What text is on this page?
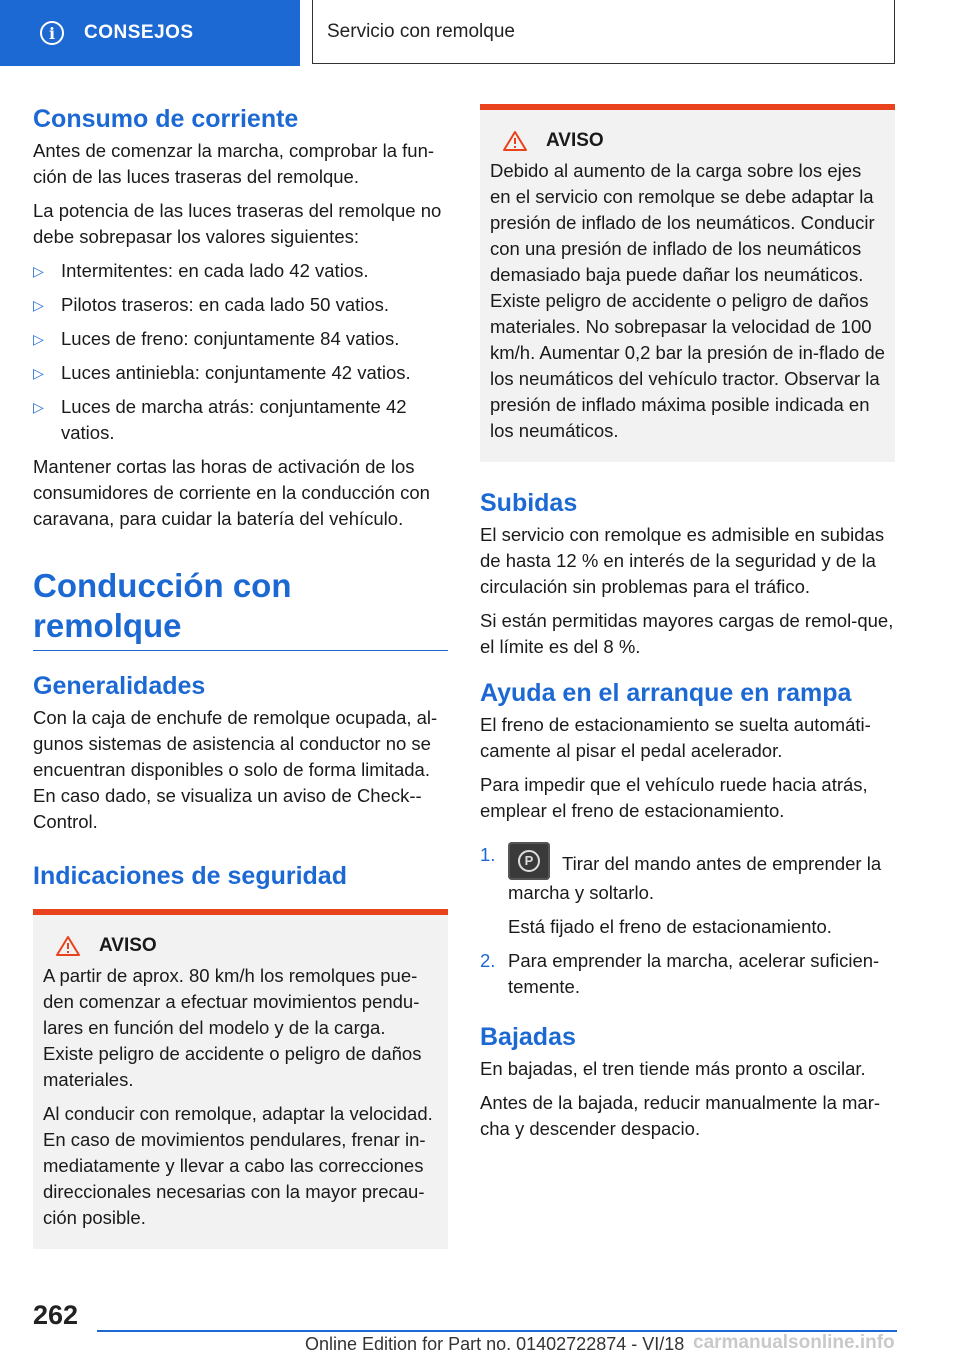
i	CONSEJOS	Servicio con remolque
Consumo de corriente

Antes de comenzar la marcha, comprobar la fun‐ción de las luces traseras del remolque.

La potencia de las luces traseras del remolque no debe sobrepasar los valores siguientes:

▷ Intermitentes: en cada lado 42 vatios.
▷ Pilotos traseros: en cada lado 50 vatios.
▷ Luces de freno: conjuntamente 84 vatios.
▷ Luces antiniebla: conjuntamente 42 vatios.
▷ Luces de marcha atrás: conjuntamente 42 vatios.

Mantener cortas las horas de activación de los consumidores de corriente en la conducción con caravana, para cuidar la batería del vehículo.

Conducción con remolque
Generalidades

Con la caja de enchufe de remolque ocupada, al‐gunos sistemas de asistencia al conductor no se encuentran disponibles o solo de forma limitada. En caso dado, se visualiza un aviso de Check-‐Control.

Indicaciones de seguridad
AVISO

A partir de aprox. 80 km/h los remolques pue‐den comenzar a efectuar movimientos pendu‐lares en función del modelo y de la carga. Existe peligro de accidente o peligro de daños materiales.

Al conducir con remolque, adaptar la velocidad. En caso de movimientos pendulares, frenar in‐mediatamente y llevar a cabo las correcciones direccionales necesarias con la mayor precau‐ción posible.

AVISO

Debido al aumento de la carga sobre los ejes en el servicio con remolque se debe adaptar la presión de inflado de los neumáticos. Conducir con una presión de inflado de los neumáticos demasiado baja puede dañar los neumáticos. Existe peligro de accidente o peligro de daños materiales. No sobrepasar la velocidad de 100 km/h. Aumentar 0,2 bar la presión de in‐flado de los neumáticos del vehículo tractor. Observar la presión de inflado máxima posible indicada en los neumáticos.

Subidas

El servicio con remolque es admisible en subidas de hasta 12 % en interés de la seguridad y de la circulación sin problemas para el tráfico.

Si están permitidas mayores cargas de remol‐que, el límite es del 8 %.

Ayuda en el arranque en rampa

El freno de estacionamiento se suelta automáti‐camente al pisar el pedal acelerador.

Para impedir que el vehículo ruede hacia atrás, emplear el freno de estacionamiento.

1.	P	Tirar del mando antes de emprender la marcha y soltarlo.
Está fijado el freno de estacionamiento.
2. Para emprender la marcha, acelerar suficien‐temente.
Bajadas

En bajadas, el tren tiende más pronto a oscilar.

Antes de la bajada, reducir manualmente la mar‐cha y descender despacio.

262
Online Edition for Part no. 01402722874 - VI/18 carmanualsonline.info
